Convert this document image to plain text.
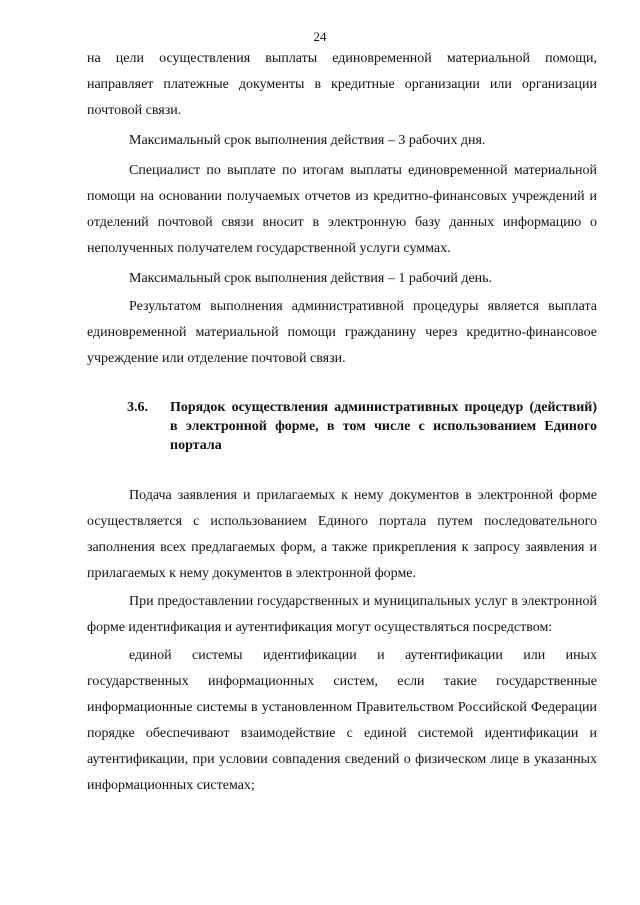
24

на цели осуществления выплаты единовременной материальной помощи, направляет платежные документы в кредитные организации или организации почтовой связи.

Максимальный срок выполнения действия – 3 рабочих дня.

Специалист по выплате по итогам выплаты единовременной материальной помощи на основании получаемых отчетов из кредитно-финансовых учреждений и отделений почтовой связи вносит в электронную базу данных информацию о неполученных получателем государственной услуги суммах.

Максимальный срок выполнения действия – 1 рабочий день.

Результатом выполнения административной процедуры является выплата единовременной материальной помощи гражданину через кредитно-финансовое учреждение или отделение почтовой связи.

3.6.	Порядок осуществления административных процедур (действий) в электронной форме, в том числе с использованием Единого портала

Подача заявления и прилагаемых к нему документов в электронной форме осуществляется с использованием Единого портала путем последовательного заполнения всех предлагаемых форм, а также прикрепления к запросу заявления и прилагаемых к нему документов в электронной форме.

При предоставлении государственных и муниципальных услуг в электронной форме идентификация и аутентификация могут осуществляться посредством:

единой системы идентификации и аутентификации или иных государственных информационных систем, если такие государственные информационные системы в установленном Правительством Российской Федерации порядке обеспечивают взаимодействие с единой системой идентификации и аутентификации, при условии совпадения сведений о физическом лице в указанных информационных системах;
